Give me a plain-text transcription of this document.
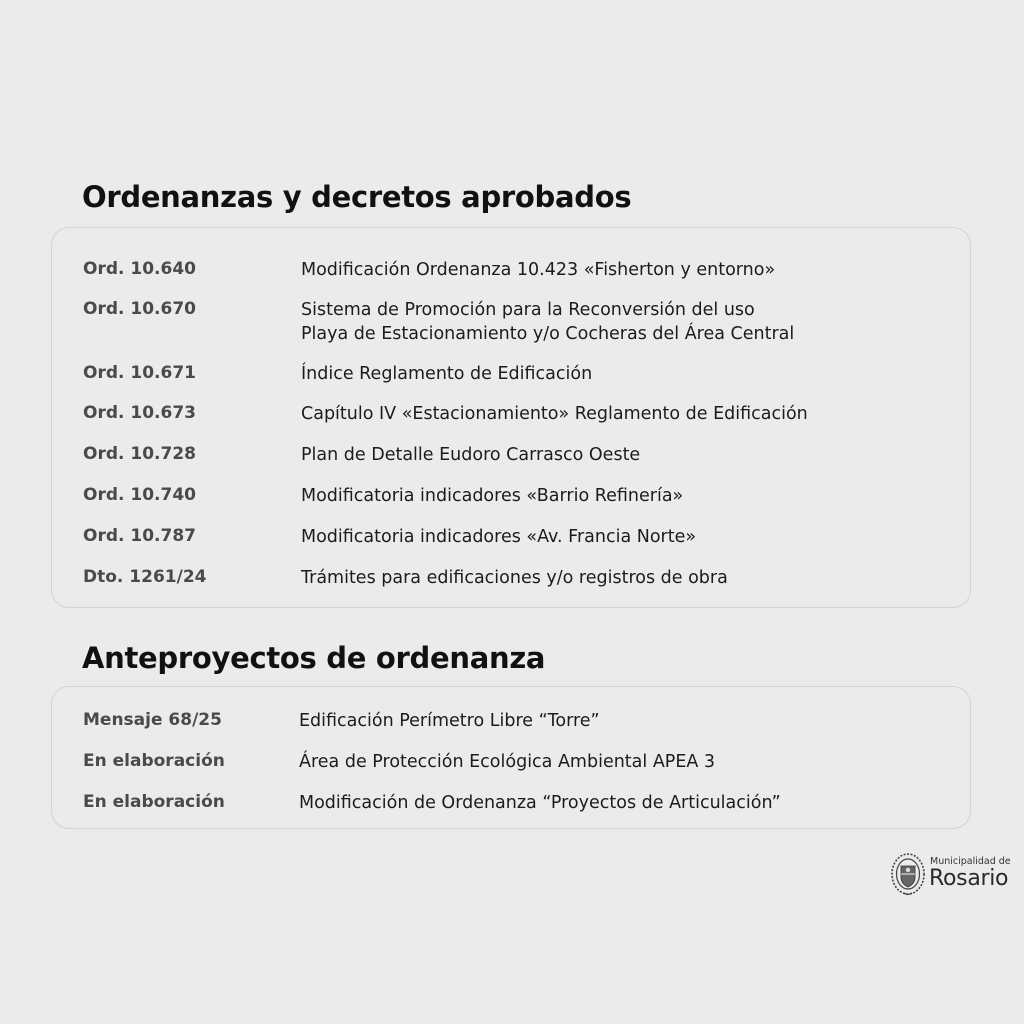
Ordenanzas y decretos aprobados
Ord. 10.640	Modificación Ordenanza 10.423 «Fisherton y entorno»
Ord. 10.670	Sistema de Promoción para la Reconversión del uso
Playa de Estacionamiento y/o Cocheras del Área Central
Ord. 10.671	Índice Reglamento de Edificación
Ord. 10.673	Capítulo IV «Estacionamiento» Reglamento de Edificación
Ord. 10.728	Plan de Detalle Eudoro Carrasco Oeste
Ord. 10.740	Modificatoria indicadores «Barrio Refinería»
Ord. 10.787	Modificatoria indicadores «Av. Francia Norte»
Dto. 1261/24	Trámites para edificaciones y/o registros de obra
Anteproyectos de ordenanza
Mensaje 68/25	Edificación Perímetro Libre “Torre”
En elaboración	Área de Protección Ecológica Ambiental APEA 3
En elaboración	Modificación de Ordenanza “Proyectos de Articulación”
Municipalidad de
Rosario
